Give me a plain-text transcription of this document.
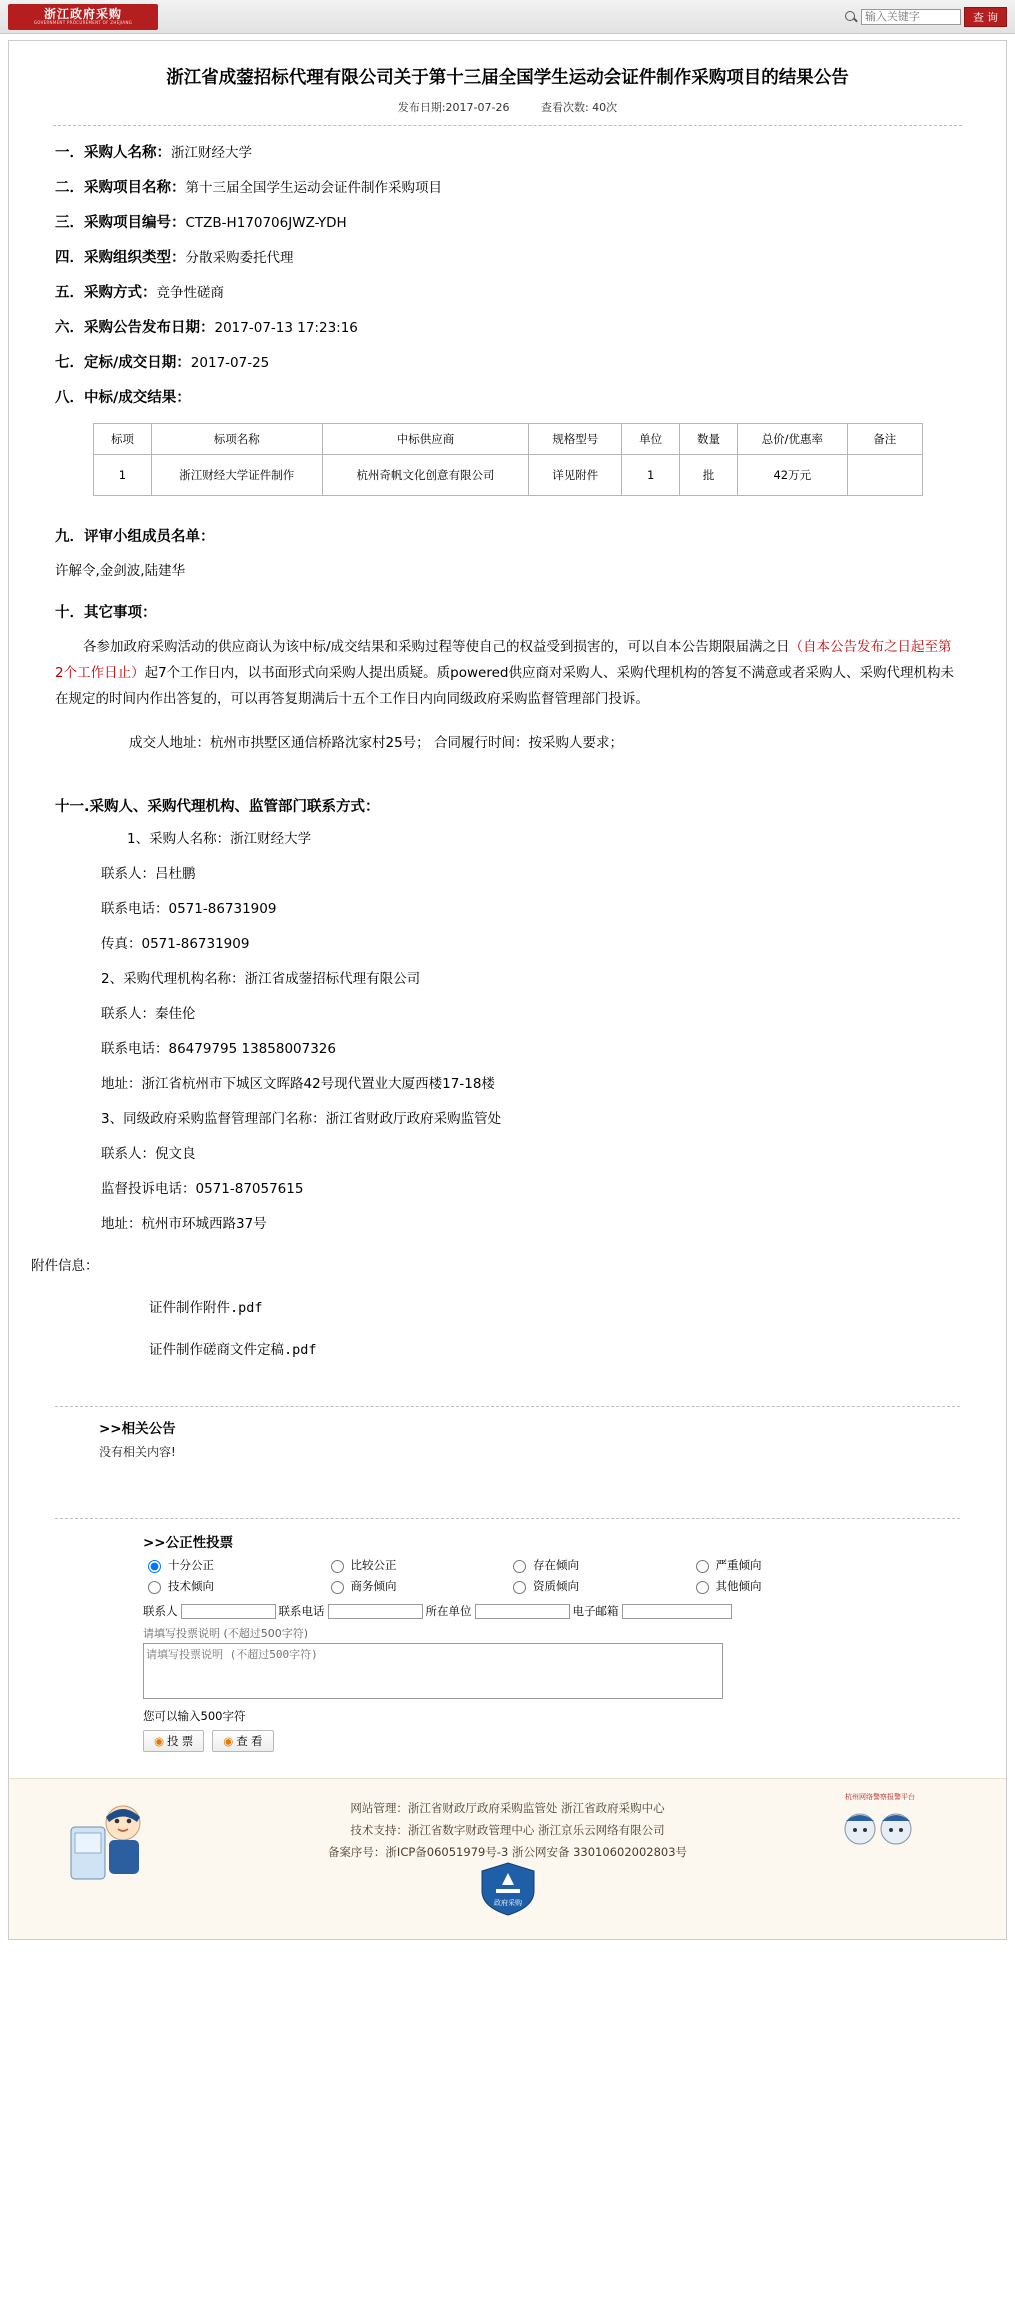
浙江政府采购
GOVERNMENT PROCUREMENT OF ZHEJIANG
输入关键字	查 询
浙江省成蓥招标代理有限公司关于第十三届全国学生运动会证件制作采购项目的结果公告
发布日期:2017-07-26	查看次数: 40次
一．采购人名称：浙江财经大学
二．采购项目名称：第十三届全国学生运动会证件制作采购项目
三．采购项目编号：CTZB-H170706JWZ-YDH
四．采购组织类型：分散采购委托代理
五．采购方式：竞争性磋商
六．采购公告发布日期：2017-07-13 17:23:16
七．定标/成交日期：2017-07-25
八．中标/成交结果：
标项	标项名称	中标供应商	规格型号	单位	数量	总价/优惠率	备注
1	浙江财经大学证件制作	杭州奇帆文化创意有限公司	详见附件	1	批	42万元	
九．评审小组成员名单：
许解令,金剑波,陆建华
十．其它事项：
各参加政府采购活动的供应商认为该中标/成交结果和采购过程等使自己的权益受到损害的，可以自本公告期限届满之日（自本公告发布之日起至第2个工作日止）起7个工作日内，以书面形式向采购人提出质疑。质powered供应商对采购人、采购代理机构的答复不满意或者采购人、采购代理机构未在规定的时间内作出答复的，可以再答复期满后十五个工作日内向同级政府采购监督管理部门投诉。
成交人地址：杭州市拱墅区通信桥路沈家村25号； 合同履行时间：按采购人要求；
十一.采购人、采购代理机构、监管部门联系方式：
1、采购人名称：浙江财经大学
联系人：吕杜鹏
联系电话：0571-86731909
传真：0571-86731909
2、采购代理机构名称：浙江省成蓥招标代理有限公司
联系人：秦佳伦
联系电话：86479795 13858007326
地址：浙江省杭州市下城区文晖路42号现代置业大厦西楼17-18楼
3、同级政府采购监督管理部门名称：浙江省财政厅政府采购监管处
联系人：倪文良
监督投诉电话：0571-87057615
地址：杭州市环城西路37号
附件信息：
证件制作附件.pdf
证件制作磋商文件定稿.pdf
>>相关公告
没有相关内容!
>>公正性投票
十分公正	比较公正	存在倾向	严重倾向
技术倾向	商务倾向	资质倾向	其他倾向
联系人	联系电话	所在单位	电子邮箱
请填写投票说明 (不超过500字符)
请填写投票说明 (不超过500字符)
您可以输入500字符
◉ 投 票	◉ 查 看
网站管理：浙江省财政厅政府采购监管处 浙江省政府采购中心
技术支持：浙江省数字财政管理中心 浙江京乐云网络有限公司
备案序号：浙ICP备06051979号-3 浙公网安备 33010602002803号
政府采购
杭州网络警察报警平台
